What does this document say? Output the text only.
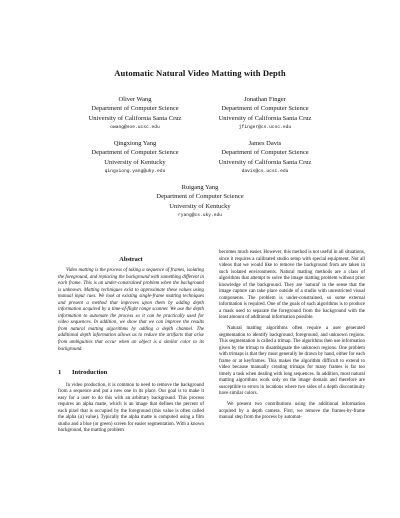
Automatic Natural Video Matting with Depth
Oliver Wang
Department of Computer Science
University of California Santa Cruz
owang@soe.ucsc.edu
Jonathan Finger
Department of Computer Science
University of California Santa Cruz
jfinger@cs.ucsc.edu
Qingxiong Yang
Department of Computer Science
University of Kentucky
qingxiong.yang@uky.edu
James Davis
Department of Computer Science
University of California Santa Cruz
davis@cs.ucsc.edu
Ruigang Yang
Department of Computer Science
University of Kentucky
ryang@cs.uky.edu
Abstract

Video matting is the process of taking a sequence of frames, isolating the foreground, and replacing the background with something different in each frame. This is an under-constrained problem when the background is unknown. Matting techniques exist to approximate these values using manual input cues. We look at existing single-frame matting techniques and present a method that improves upon them by adding depth information acquired by a time-of-flight range scanner. We use the depth information to automate the process so it can be practically used for video sequences. In addition, we show that we can improve the results from natural matting algorithms by adding a depth channel. The additional depth information allows us to reduce the artifacts that arise from ambiguities that occur when an object is a similar color to its background.

1 Introduction

In video production, it is common to need to remove the background from a sequence and put a new one in its place. Our goal is to make it easy for a user to do this with an arbitrary background. This process requires an alpha matte, which is an image that defines the percent of each pixel that is occupied by the foreground (this value is often called the alpha (α) value). Typically the alpha matte is computed using a film studio and a blue (or green) screen for easier segmentation. With a known background, the matting problem

becomes much easier. However, this method is not useful in all situations, since it requires a calibrated studio setup with special equipment. Not all videos that we would like to remove the background from are taken in such isolated environments. Natural matting methods are a class of algorithms that attempt to solve the image matting problem without prior knowledge of the background. They are 'natural' in the sense that the image capture can take place outside of a studio with unrestricted visual components. The problem is under-constrained, so some external information is required. One of the goals of such algorithms is to produce a mask used to separate the foreground from the background with the least amount of additional information possible.

Natural matting algorithms often require a user generated segmentation to identify background, foreground, and unknown regions. This segmentation is called a trimap. The algorithms then use information given by the trimap to disambiguate the unknown regions. One problem with trimaps is that they must generally be drawn by hand, either for each frame or at keyframes. This makes the algorithm difficult to extend to video because manually creating trimaps for many frames is far too timely a task when dealing with long sequences. In addition, most natural matting algorithms work only on the image domain and therefore are susceptible to errors in locations where two sides of a depth discontinuity have similar colors.

We present two contributions using the additional information acquired by a depth camera. First, we remove the frames-by-frame manual step from the process by automat-
